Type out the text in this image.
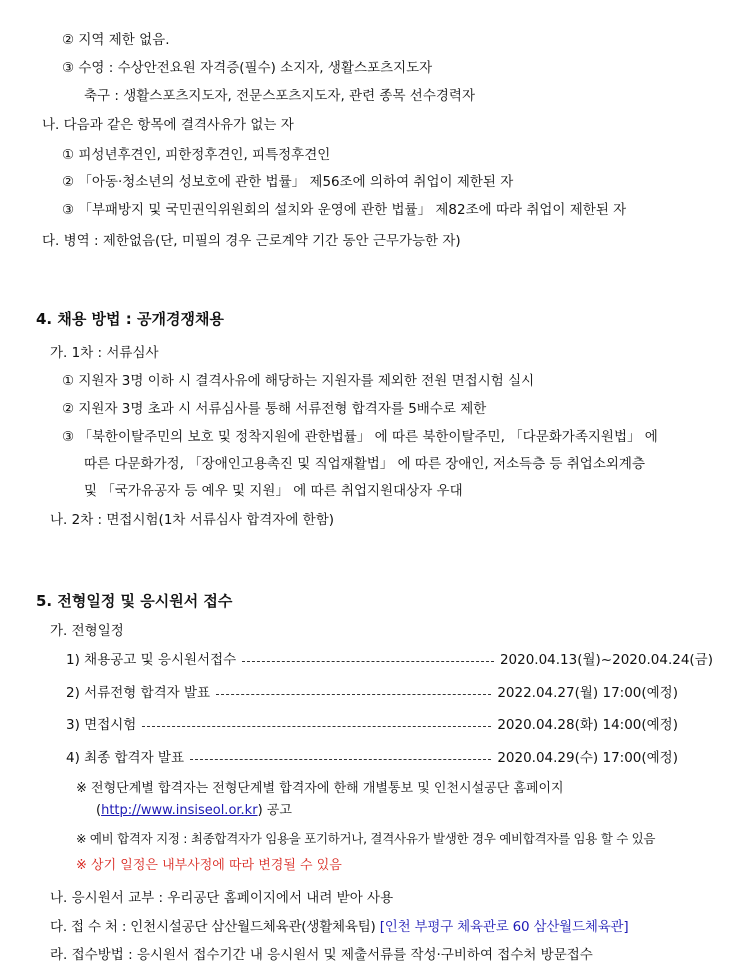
② 지역 제한 없음.
③ 수영 : 수상안전요원 자격증(필수) 소지자, 생활스포츠지도자
축구 : 생활스포츠지도자, 전문스포츠지도자, 관련 종목 선수경력자
나. 다음과 같은 항목에 결격사유가 없는 자
① 피성년후견인, 피한정후견인, 피특정후견인
② 「아동·청소년의 성보호에 관한 법률」 제56조에 의하여 취업이 제한된 자
③ 「부패방지 및 국민권익위원회의 설치와 운영에 관한 법률」 제82조에 따라 취업이 제한된 자
다. 병역 : 제한없음(단, 미필의 경우 근로계약 기간 동안 근무가능한 자)
4. 채용 방법 : 공개경쟁채용
가. 1차 : 서류심사
① 지원자 3명 이하 시 결격사유에 해당하는 지원자를 제외한 전원 면접시험 실시
② 지원자 3명 초과 시 서류심사를 통해 서류전형 합격자를 5배수로 제한
③ 「북한이탈주민의 보호 및 정착지원에 관한법률」 에 따른 북한이탈주민, 「다문화가족지원법」 에
따른 다문화가정, 「장애인고용촉진 및 직업재활법」 에 따른 장애인, 저소득층 등 취업소외계층
및 「국가유공자 등 예우 및 지원」 에 따른 취업지원대상자 우대
나. 2차 : 면접시험(1차 서류심사 합격자에 한함)
5. 전형일정 및 응시원서 접수
가. 전형일정
1) 채용공고 및 응시원서접수	2020.04.13(월)~2020.04.24(금)
2) 서류전형 합격자 발표	2022.04.27(월) 17:00(예정)
3) 면접시험	2020.04.28(화) 14:00(예정)
4) 최종 합격자 발표	2020.04.29(수) 17:00(예정)
※ 전형단계별 합격자는 전형단계별 합격자에 한해 개별통보 및 인천시설공단 홈페이지
(http://www.insiseol.or.kr) 공고
※ 예비 합격자 지정 : 최종합격자가 임용을 포기하거나, 결격사유가 발생한 경우 예비합격자를 임용 할 수 있음
※ 상기 일정은 내부사정에 따라 변경될 수 있음
나. 응시원서 교부 : 우리공단 홈페이지에서 내려 받아 사용
다. 접 수 처 : 인천시설공단 삼산월드체육관(생활체육팀) [인천 부평구 체육관로 60 삼산월드체육관]
라. 접수방법 : 응시원서 접수기간 내 응시원서 및 제출서류를 작성·구비하여 접수처 방문접수
